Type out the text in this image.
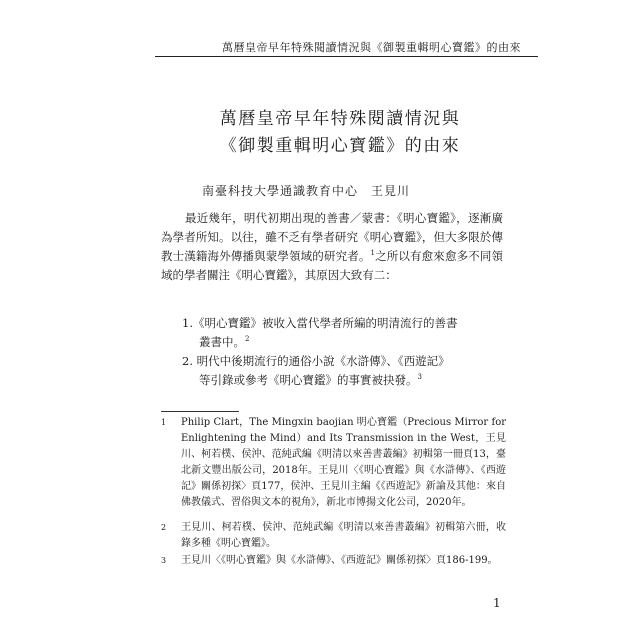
萬曆皇帝早年特殊閱讀情況與《御製重輯明心寶鑑》的由來
萬曆皇帝早年特殊閱讀情況與
《御製重輯明心寶鑑》的由來
南臺科技大學通識教育中心　王見川
最近幾年，明代初期出現的善書／蒙書：《明心寶鑑》，逐漸廣為學者所知。以往，雖不乏有學者研究《明心寶鑑》，但大多限於傳教士漢籍海外傳播與蒙學領域的研究者。$^1$之所以有愈來愈多不同領域的學者關注《明心寶鑑》，其原因大致有二：
1.《明心寶鑑》被收入當代學者所編的明清流行的善書
叢書中。$^2$
2. 明代中後期流行的通俗小說《水滸傳》、《西遊記》
等引錄或參考《明心寶鑑》的事實被抉發。$^3$
1 Philip Clart，The Mingxin baojian 明心寶鑑（Precious Mirror for Enlightening the Mind）and Its Transmission in the West，王見川、柯若樸、侯沖、范純武編《明清以來善書叢編》初輯第一冊頁13，臺北新文豐出版公司，2018年。王見川〈《明心寶鑑》與《水滸傳》、《西遊記》關係初探〉頁177，侯沖、王見川主編《《西遊記》新論及其他：來自佛教儀式、習俗與文本的視角》，新北市博揚文化公司，2020年。
2 王見川、柯若樸、侯沖、范純武編《明清以來善書叢編》初輯第六冊，收錄多種《明心寶鑑》。
3 王見川〈《明心寶鑑》與《水滸傳》、《西遊記》關係初探〉頁186-199。
1
